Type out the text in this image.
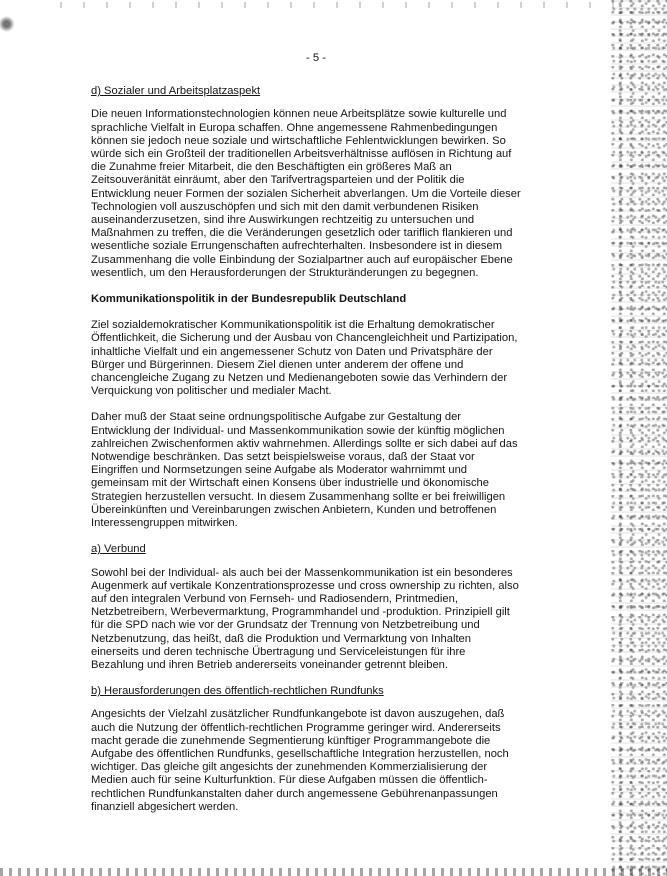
- 5 -
d) Sozialer und Arbeitsplatzaspekt

Die neuen Informationstechnologien können neue Arbeitsplätze sowie kulturelle und sprachliche Vielfalt in Europa schaffen. Ohne angemessene Rahmenbedingungen können sie jedoch neue soziale und wirtschaftliche Fehlentwicklungen bewirken. So würde sich ein Großteil der traditionellen Arbeitsverhältnisse auflösen in Richtung auf die Zunahme freier Mitarbeit, die den Beschäftigten ein größeres Maß an Zeitsouveränität einräumt, aber den Tarifvertragsparteien und der Politik die Entwicklung neuer Formen der sozialen Sicherheit abverlangen. Um die Vorteile dieser Technologien voll auszuschöpfen und sich mit den damit verbundenen Risiken auseinanderzusetzen, sind ihre Auswirkungen rechtzeitig zu untersuchen und Maßnahmen zu treffen, die die Veränderungen gesetzlich oder tariflich flankieren und wesentliche soziale Errungenschaften aufrechterhalten. Insbesondere ist in diesem Zusammenhang die volle Einbindung der Sozialpartner auch auf europäischer Ebene wesentlich, um den Herausforderungen der Strukturänderungen zu begegnen.

Kommunikationspolitik in der Bundesrepublik Deutschland

Ziel sozialdemokratischer Kommunikationspolitik ist die Erhaltung demokratischer Öffentlichkeit, die Sicherung und der Ausbau von Chancengleichheit und Partizipation, inhaltliche Vielfalt und ein angemessener Schutz von Daten und Privatsphäre der Bürger und Bürgerinnen. Diesem Ziel dienen unter anderem der offene und chancengleiche Zugang zu Netzen und Medienangeboten sowie das Verhindern der Verquickung von politischer und medialer Macht.

Daher muß der Staat seine ordnungspolitische Aufgabe zur Gestaltung der Entwicklung der Individual- und Massenkommunikation sowie der künftig möglichen zahlreichen Zwischenformen aktiv wahrnehmen. Allerdings sollte er sich dabei auf das Notwendige beschränken. Das setzt beispielsweise voraus, daß der Staat vor Eingriffen und Normsetzungen seine Aufgabe als Moderator wahrnimmt und gemeinsam mit der Wirtschaft einen Konsens über industrielle und ökonomische Strategien herzustellen versucht. In diesem Zusammenhang sollte er bei freiwilligen Übereinkünften und Vereinbarungen zwischen Anbietern, Kunden und betroffenen Interessengruppen mitwirken.

a) Verbund

Sowohl bei der Individual- als auch bei der Massenkommunikation ist ein besonderes Augenmerk auf vertikale Konzentrationsprozesse und cross ownership zu richten, also auf den integralen Verbund von Fernseh- und Radiosendern, Printmedien, Netzbetreibern, Werbevermarktung, Programmhandel und -produktion. Prinzipiell gilt für die SPD nach wie vor der Grundsatz der Trennung von Netzbetreibung und Netzbenutzung, das heißt, daß die Produktion und Vermarktung von Inhalten einerseits und deren technische Übertragung und Serviceleistungen für ihre Bezahlung und ihren Betrieb andererseits voneinander getrennt bleiben.

b) Herausforderungen des öffentlich-rechtlichen Rundfunks

Angesichts der Vielzahl zusätzlicher Rundfunkangebote ist davon auszugehen, daß auch die Nutzung der öffentlich-rechtlichen Programme geringer wird. Andererseits macht gerade die zunehmende Segmentierung künftiger Programmangebote die Aufgabe des öffentlichen Rundfunks, gesellschaftliche Integration herzustellen, noch wichtiger. Das gleiche gilt angesichts der zunehmenden Kommerzialisierung der Medien auch für seine Kulturfunktion. Für diese Aufgaben müssen die öffentlich-rechtlichen Rundfunkanstalten daher durch angemessene Gebührenanpassungen finanziell abgesichert werden.
